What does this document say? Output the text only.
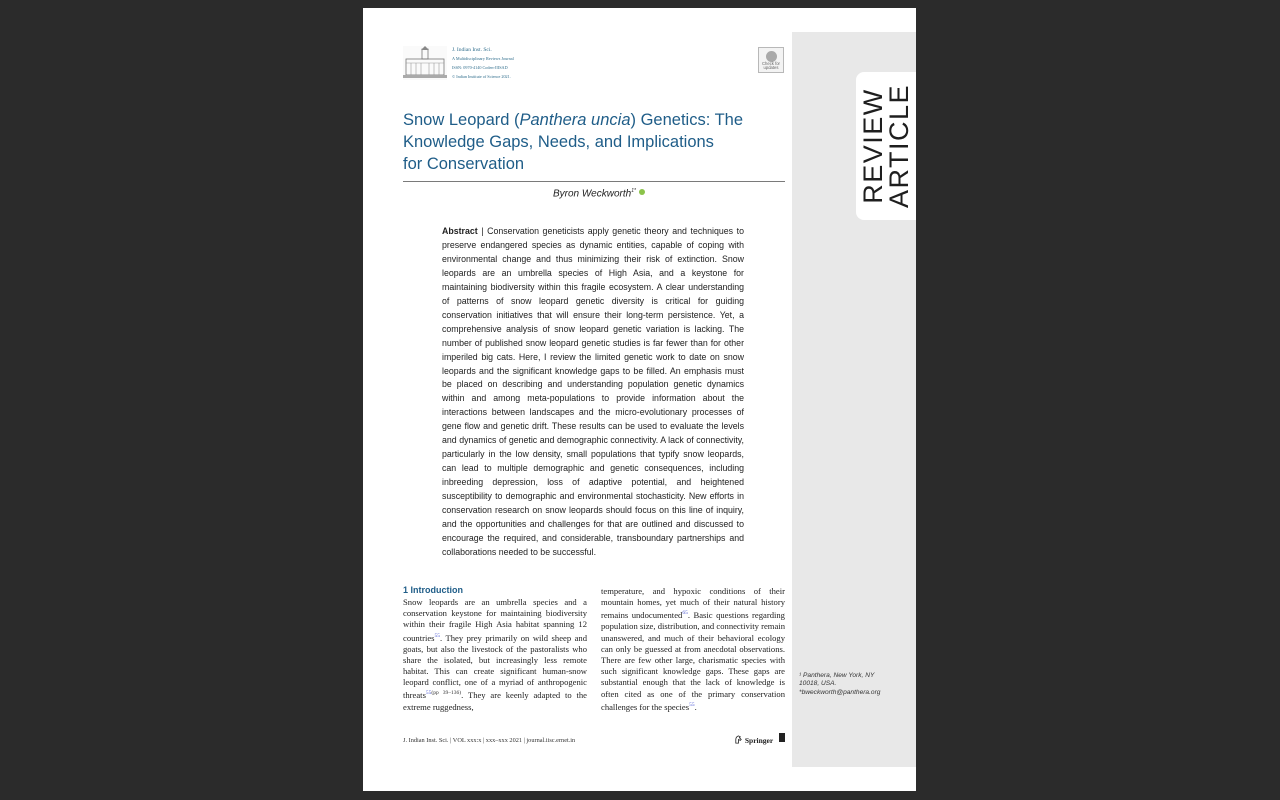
REVIEW
ARTICLE
J. Indian Inst. Sci.
A Multidisciplinary Reviews Journal
ISSN: 0970-4140 Coden-JIISAD
© Indian Institute of Science 2021.
Check for
updates
Snow Leopard (Panthera uncia) Genetics: The
Knowledge Gaps, Needs, and Implications
for Conservation
Byron Weckworth$^{1*}$
Abstract | Conservation geneticists apply genetic theory and techniques to preserve endangered species as dynamic entities, capable of coping with environmental change and thus minimizing their risk of extinction. Snow leopards are an umbrella species of High Asia, and a keystone for maintaining biodiversity within this fragile ecosystem. A clear understanding of patterns of snow leopard genetic diversity is critical for guiding conservation initiatives that will ensure their long-term persistence. Yet, a comprehensive analysis of snow leopard genetic variation is lacking. The number of published snow leopard genetic studies is far fewer than for other imperiled big cats. Here, I review the limited genetic work to date on snow leopards and the significant knowledge gaps to be filled. An emphasis must be placed on describing and understanding population genetic dynamics within and among meta-populations to provide information about the interactions between landscapes and the micro-evolutionary processes of gene flow and genetic drift. These results can be used to evaluate the levels and dynamics of genetic and demographic connectivity. A lack of connectivity, particularly in the low density, small populations that typify snow leopards, can lead to multiple demographic and genetic consequences, including inbreeding depression, loss of adaptive potential, and heightened susceptibility to demographic and environmental stochasticity. New efforts in conservation research on snow leopards should focus on this line of inquiry, and the opportunities and challenges for that are outlined and discussed to encourage the required, and considerable, transboundary partnerships and collaborations needed to be successful.
1 Introduction
Snow leopards are an umbrella species and a conservation keystone for maintaining biodiversity within their fragile High Asia habitat spanning 12 countries$^{55}$. They prey primarily on wild sheep and goats, but also the livestock of the pastoralists who share the isolated, but increasingly less remote habitat. This can create significant human-snow leopard conflict, one of a myriad of anthropogenic threats$^{55(pp 39-136)}$. They are keenly adapted to the extreme ruggedness,
temperature, and hypoxic conditions of their mountain homes, yet much of their natural history remains undocumented$^{65}$. Basic questions regarding population size, distribution, and connectivity remain unanswered, and much of their behavioral ecology can only be guessed at from anecdotal observations. There are few other large, charismatic species with such significant knowledge gaps. These gaps are substantial enough that the lack of knowledge is often cited as one of the primary conservation challenges for the species$^{55}$.
¹ Panthera, New York, NY 10018, USA.
*bweckworth@panthera.org
J. Indian Inst. Sci. | VOL xxx:x | xxx–xxx 2021 | journal.iisc.ernet.in	Springer
